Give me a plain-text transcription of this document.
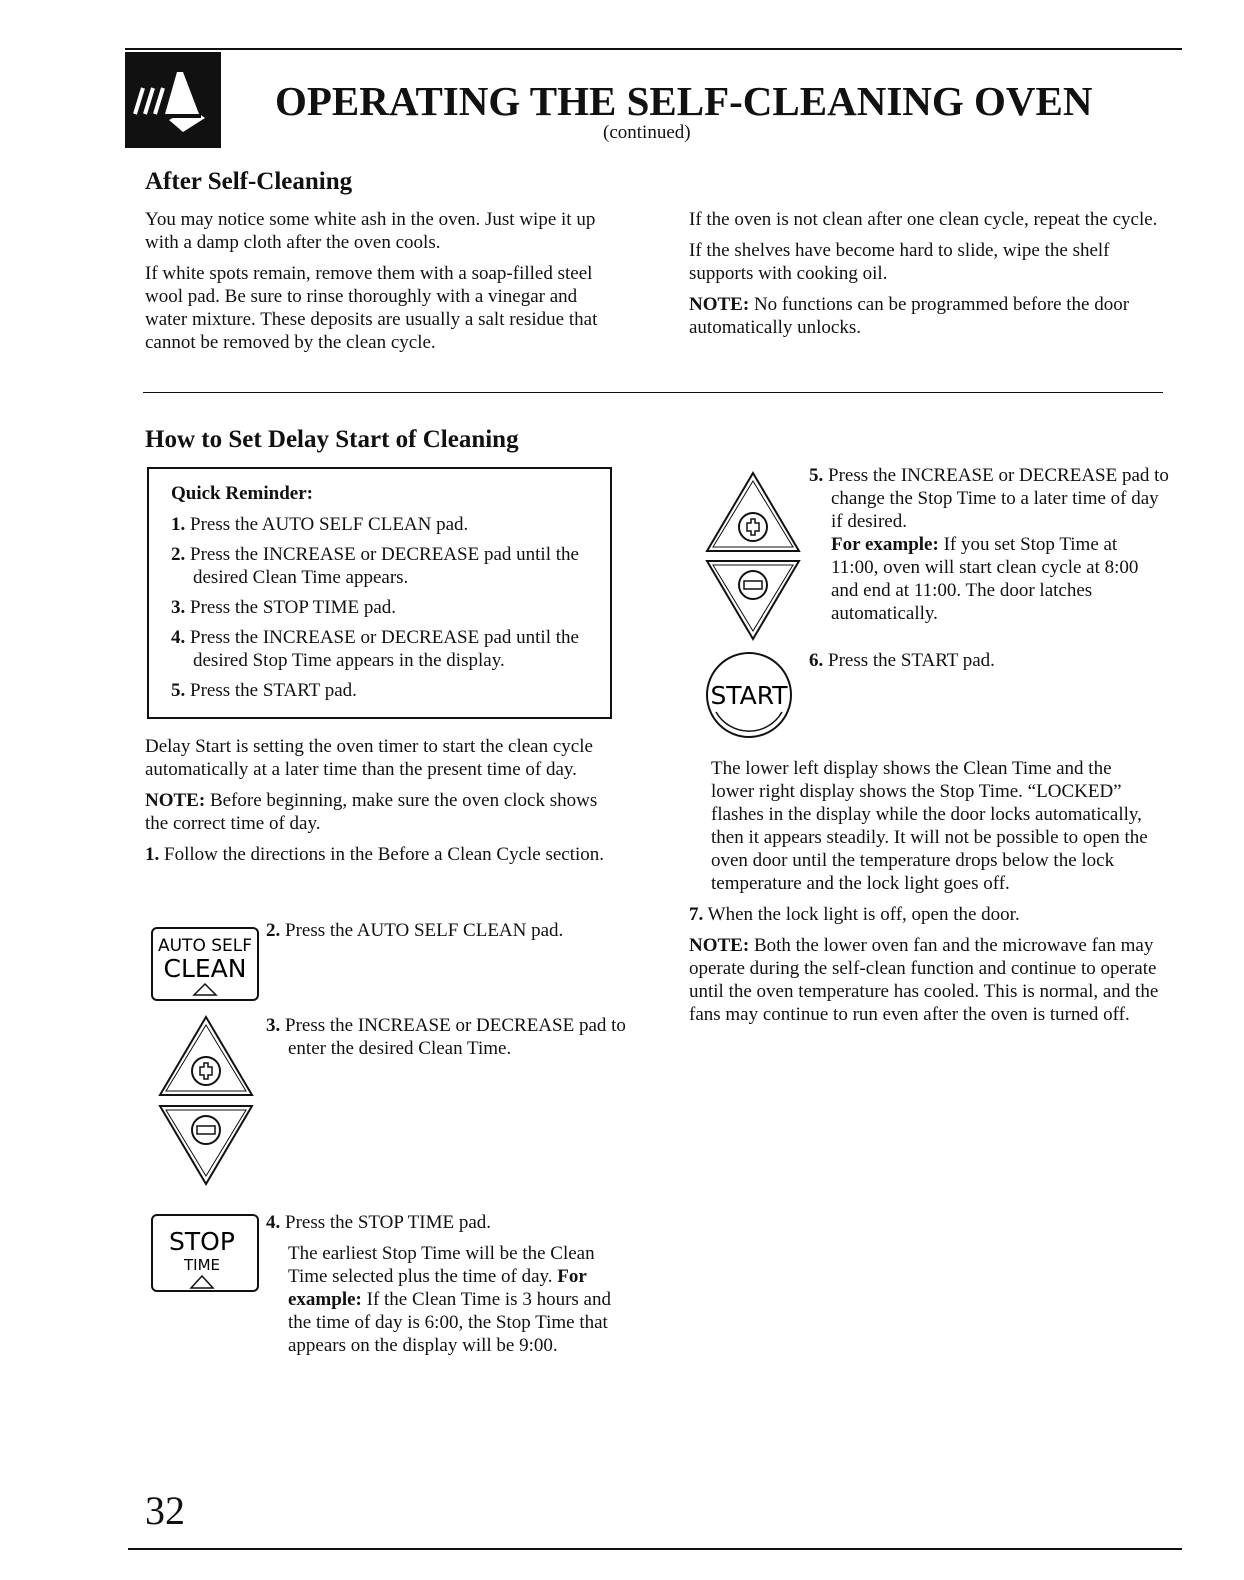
OPERATING THE SELF-CLEANING OVEN
(continued)
After Self-Cleaning

You may notice some white ash in the oven. Just wipe it up with a damp cloth after the oven cools.

If white spots remain, remove them with a soap-filled steel wool pad. Be sure to rinse thoroughly with a vinegar and water mixture. These deposits are usually a salt residue that cannot be removed by the clean cycle.

If the oven is not clean after one clean cycle, repeat the cycle.

If the shelves have become hard to slide, wipe the shelf supports with cooking oil.

NOTE: No functions can be programmed before the door automatically unlocks.

How to Set Delay Start of Cleaning
Quick Reminder:

1. Press the AUTO SELF CLEAN pad.

2. Press the INCREASE or DECREASE pad until the desired Clean Time appears.

3. Press the STOP TIME pad.

4. Press the INCREASE or DECREASE pad until the desired Stop Time appears in the display.

5. Press the START pad.

Delay Start is setting the oven timer to start the clean cycle automatically at a later time than the present time of day.

NOTE: Before beginning, make sure the oven clock shows the correct time of day.

1. Follow the directions in the Before a Clean Cycle section.

AUTO SELF
CLEAN

2. Press the AUTO SELF CLEAN pad.

3. Press the INCREASE or DECREASE pad to enter the desired Clean Time.

STOP
TIME

4. Press the STOP TIME pad.

The earliest Stop Time will be the Clean Time selected plus the time of day. For example: If the Clean Time is 3 hours and the time of day is 6:00, the Stop Time that appears on the display will be 9:00.

5. Press the INCREASE or DECREASE pad to change the Stop Time to a later time of day if desired.

For example: If you set Stop Time at 11:00, oven will start clean cycle at 8:00 and end at 11:00. The door latches automatically.

START

6. Press the START pad.

The lower left display shows the Clean Time and the lower right display shows the Stop Time. “LOCKED” flashes in the display while the door locks automatically, then it appears steadily. It will not be possible to open the oven door until the temperature drops below the lock temperature and the lock light goes off.

7. When the lock light is off, open the door.

NOTE: Both the lower oven fan and the microwave fan may operate during the self-clean function and continue to operate until the oven temperature has cooled. This is normal, and the fans may continue to run even after the oven is turned off.

32
